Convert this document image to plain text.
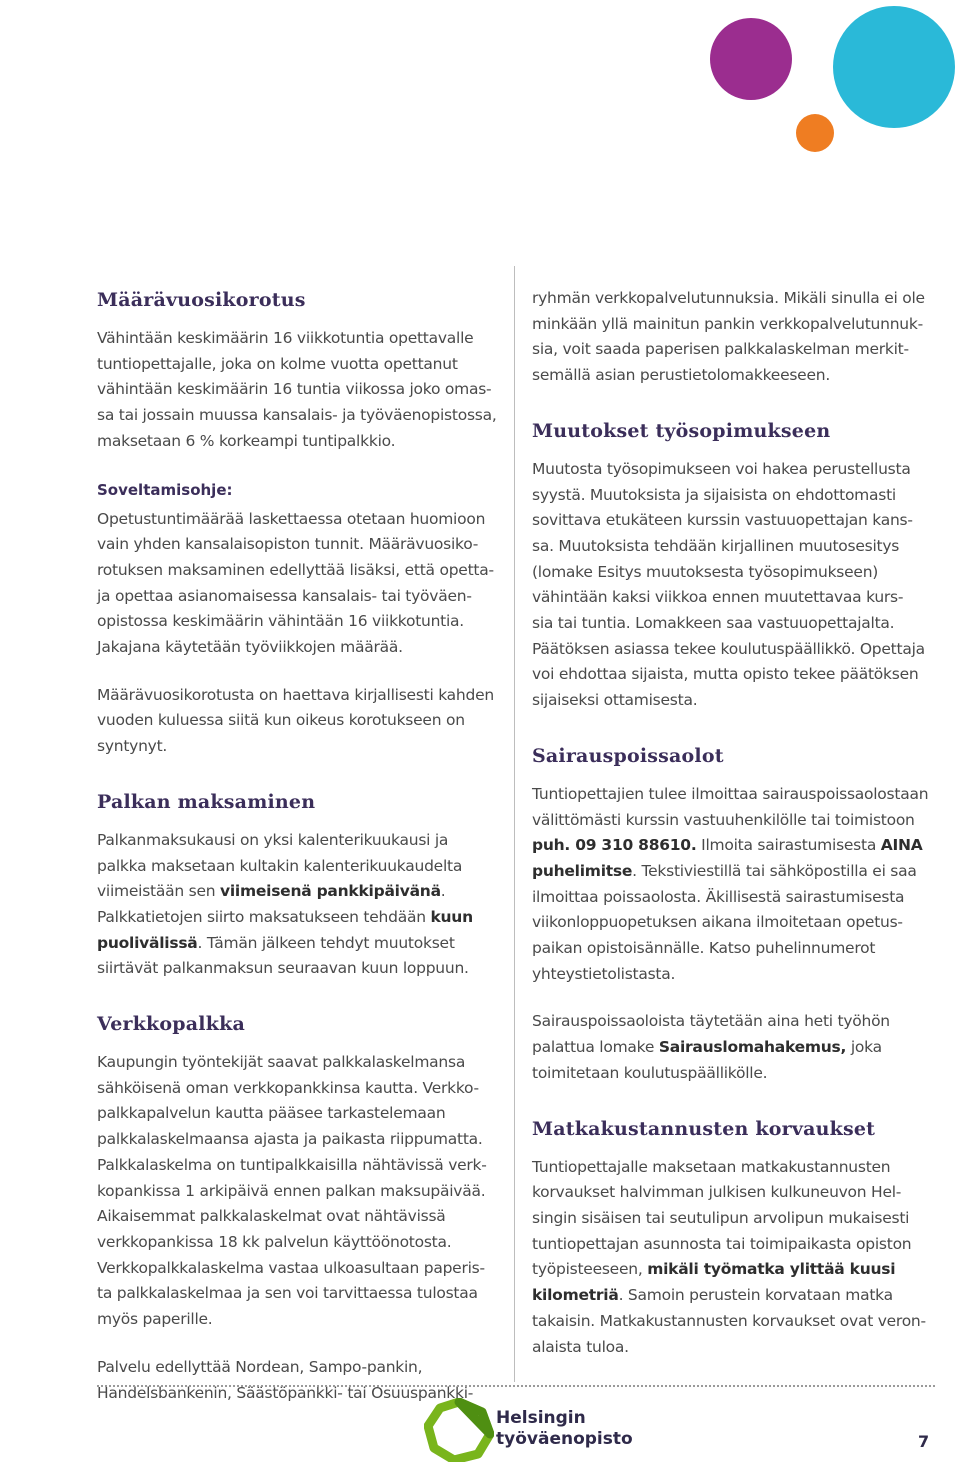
Määrävuosikorotus

Vähintään keskimäärin 16 viikkotuntia opettavalle
tuntiopettajalle, joka on kolme vuotta opettanut
vähintään keskimäärin 16 tuntia viikossa joko omas-
sa tai jossain muussa kansalais- ja työväenopistossa,
maksetaan 6 % korkeampi tuntipalkkio.

Soveltamisohje:

Opetustuntimäärää laskettaessa otetaan huomioon
vain yhden kansalaisopiston tunnit. Määrävuosiko-
rotuksen maksaminen edellyttää lisäksi, että opetta-
ja opettaa asianomaisessa kansalais- tai työväen-
opistossa keskimäärin vähintään 16 viikkotuntia.
Jakajana käytetään työviikkojen määrää.

Määrävuosikorotusta on haettava kirjallisesti kahden
vuoden kuluessa siitä kun oikeus korotukseen on
syntynyt.

Palkan maksaminen

Palkanmaksukausi on yksi kalenterikuukausi ja
palkka maksetaan kultakin kalenterikuukaudelta
viimeistään sen viimeisenä pankkipäivänä.
Palkkatietojen siirto maksatukseen tehdään kuun
puolivälissä. Tämän jälkeen tehdyt muutokset
siirtävät palkanmaksun seuraavan kuun loppuun.

Verkkopalkka

Kaupungin työntekijät saavat palkkalaskelmansa
sähköisenä oman verkkopankkinsa kautta. Verkko-
palkkapalvelun kautta pääsee tarkastelemaan
palkkalaskelmaansa ajasta ja paikasta riippumatta.
Palkkalaskelma on tuntipalkkaisilla nähtävissä verk-
kopankissa 1 arkipäivä ennen palkan maksupäivää.
Aikaisemmat palkkalaskelmat ovat nähtävissä
verkkopankissa 18 kk palvelun käyttöönotosta.
Verkkopalkkalaskelma vastaa ulkoasultaan paperis-
ta palkkalaskelmaa ja sen voi tarvittaessa tulostaa
myös paperille.

Palvelu edellyttää Nordean, Sampo-pankin,
Handelsbankenin, Säästöpankki- tai Osuuspankki-

ryhmän verkkopalvelutunnuksia. Mikäli sinulla ei ole
minkään yllä mainitun pankin verkkopalvelutunnuk-
sia, voit saada paperisen palkkalaskelman merkit-
semällä asian perustietolomakkeeseen.

Muutokset työsopimukseen

Muutosta työsopimukseen voi hakea perustellusta
syystä. Muutoksista ja sijaisista on ehdottomasti
sovittava etukäteen kurssin vastuuopettajan kans-
sa. Muutoksista tehdään kirjallinen muutosesitys
(lomake Esitys muutoksesta työsopimukseen)
vähintään kaksi viikkoa ennen muutettavaa kurs-
sia tai tuntia. Lomakkeen saa vastuuopettajalta.
Päätöksen asiassa tekee koulutuspäällikkö. Opettaja
voi ehdottaa sijaista, mutta opisto tekee päätöksen
sijaiseksi ottamisesta.

Sairauspoissaolot

Tuntiopettajien tulee ilmoittaa sairauspoissaolostaan
välittömästi kurssin vastuuhenkilölle tai toimistoon
puh. 09 310 88610. Ilmoita sairastumisesta AINA
puhelimitse. Tekstiviestillä tai sähköpostilla ei saa
ilmoittaa poissaolosta. Äkillisestä sairastumisesta
viikonloppuopetuksen aikana ilmoitetaan opetus-
paikan opistoisännälle. Katso puhelinnumerot
yhteystietolistasta.

Sairauspoissaoloista täytetään aina heti työhön
palattua lomake Sairauslomahakemus, joka
toimitetaan koulutuspäällikölle.

Matkakustannusten korvaukset

Tuntiopettajalle maksetaan matkakustannusten
korvaukset halvimman julkisen kulkuneuvon Hel-
singin sisäisen tai seutulipun arvolipun mukaisesti
tuntiopettajan asunnosta tai toimipaikasta opiston
työpisteeseen, mikäli työmatka ylittää kuusi
kilometriä. Samoin perustein korvataan matka
takaisin. Matkakustannusten korvaukset ovat veron-
alaista tuloa.

Helsingin
työväenopisto	7
